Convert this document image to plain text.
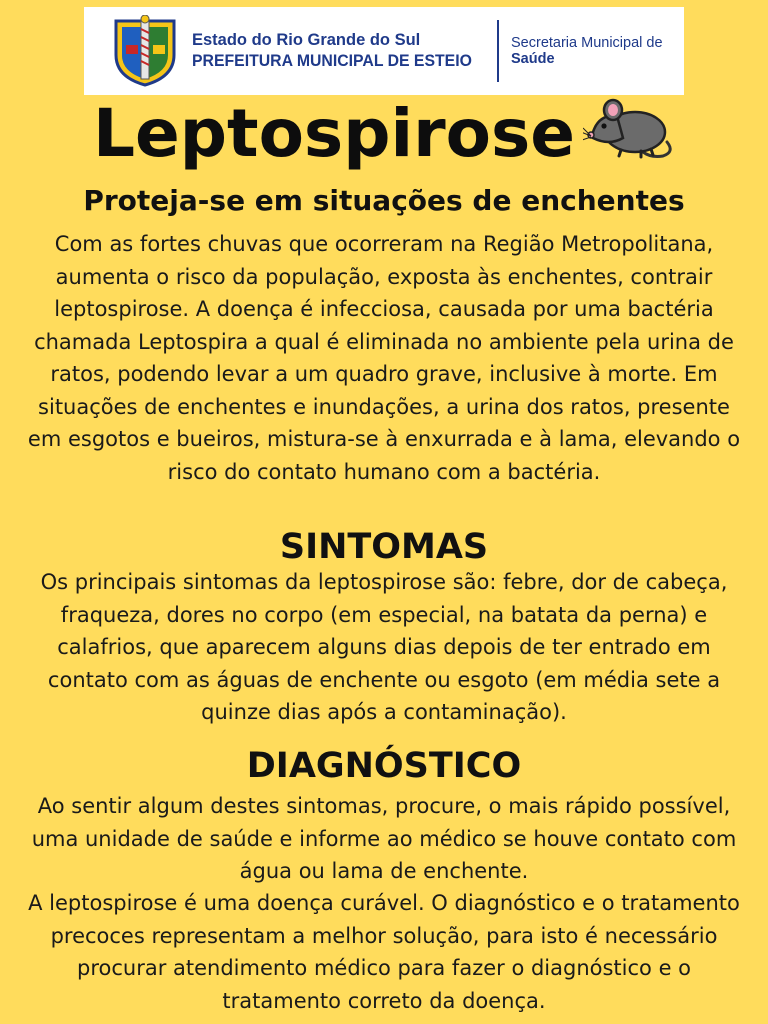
Estado do Rio Grande do Sul
PREFEITURA MUNICIPAL DE ESTEIO
Secretaria Municipal de
Saúde
Leptospirose
Proteja-se em situações de enchentes

Com as fortes chuvas que ocorreram na Região Metropolitana, aumenta o risco da população, exposta às enchentes, contrair leptospirose. A doença é infecciosa, causada por uma bactéria chamada Leptospira a qual é eliminada no ambiente pela urina de ratos, podendo levar a um quadro grave, inclusive à morte. Em situações de enchentes e inundações, a urina dos ratos, presente em esgotos e bueiros, mistura-se à enxurrada e à lama, elevando o risco do contato humano com a bactéria.

SINTOMAS

Os principais sintomas da leptospirose são: febre, dor de cabeça, fraqueza, dores no corpo (em especial, na batata da perna) e calafrios, que aparecem alguns dias depois de ter entrado em contato com as águas de enchente ou esgoto (em média sete a quinze dias após a contaminação).

DIAGNÓSTICO

Ao sentir algum destes sintomas, procure, o mais rápido possível, uma unidade de saúde e informe ao médico se houve contato com água ou lama de enchente.

A leptospirose é uma doença curável. O diagnóstico e o tratamento precoces representam a melhor solução, para isto é necessário procurar atendimento médico para fazer o diagnóstico e o tratamento correto da doença.
